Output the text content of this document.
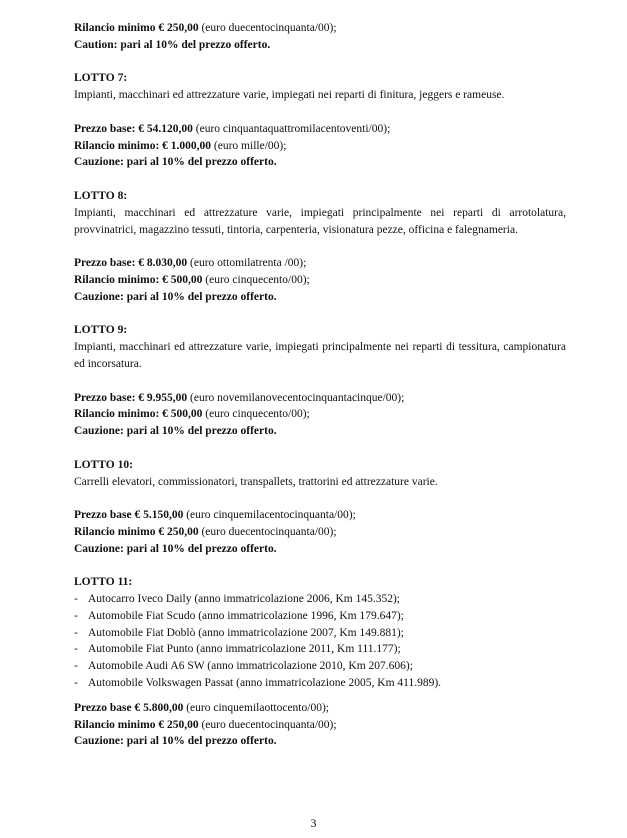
Rilancio minimo € 250,00 (euro duecentocinquanta/00);
Caution: pari al 10% del prezzo offerto.
LOTTO 7:
Impianti, macchinari ed attrezzature varie, impiegati nei reparti di finitura, jeggers e rameuse.
Prezzo base: € 54.120,00 (euro cinquantaquattromilacentoventi/00);
Rilancio minimo: € 1.000,00 (euro mille/00);
Cauzione: pari al 10% del prezzo offerto.
LOTTO 8:
Impianti, macchinari ed attrezzature varie, impiegati principalmente nei reparti di arrotolatura, provvinatrici, magazzino tessuti, tintoria, carpenteria, visionatura pezze, officina e falegnameria.
Prezzo base: € 8.030,00 (euro ottomilatrenta /00);
Rilancio minimo: € 500,00 (euro cinquecento/00);
Cauzione: pari al 10% del prezzo offerto.
LOTTO 9:
Impianti, macchinari ed attrezzature varie, impiegati principalmente nei reparti di tessitura, campionatura ed incorsatura.
Prezzo base: € 9.955,00 (euro novemilanovecentocinquantacinque/00);
Rilancio minimo: € 500,00 (euro cinquecento/00);
Cauzione: pari al 10% del prezzo offerto.
LOTTO 10:
Carrelli elevatori, commissionatori, transpallets, trattorini ed attrezzature varie.
Prezzo base € 5.150,00 (euro cinquemilacentocinquanta/00);
Rilancio minimo € 250,00 (euro duecentocinquanta/00);
Cauzione: pari al 10% del prezzo offerto.
LOTTO 11:
- Autocarro Iveco Daily (anno immatricolazione 2006, Km 145.352);
- Automobile Fiat Scudo (anno immatricolazione 1996, Km 179.647);
- Automobile Fiat Doblò (anno immatricolazione 2007, Km 149.881);
- Automobile Fiat Punto (anno immatricolazione 2011, Km 111.177);
- Automobile Audi A6 SW (anno immatricolazione 2010, Km 207.606);
- Automobile Volkswagen Passat (anno immatricolazione 2005, Km 411.989).
Prezzo base € 5.800,00 (euro cinquemilaottocento/00);
Rilancio minimo € 250,00 (euro duecentocinquanta/00);
Cauzione: pari al 10% del prezzo offerto.
3
